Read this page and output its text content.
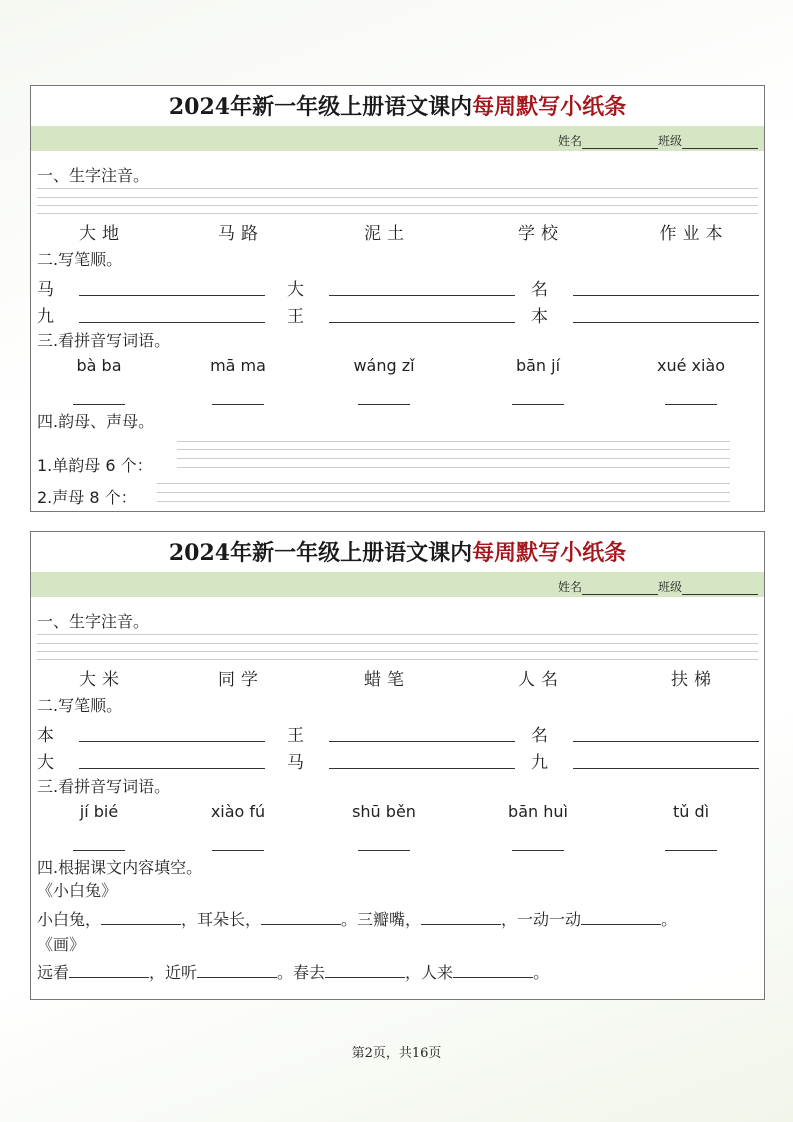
2024年新一年级上册语文课内每周默写小纸条
姓名	班级
一、生字注音。
大地	马路	泥土	学校	作业本
二.写笔顺。
马	大	名
九	王	本
三.看拼音写词语。
bà ba	mā ma	wáng zǐ	bān jí	xué xiào
四.韵母、声母。
1.单韵母 6 个：
2.声母 8 个：
2024年新一年级上册语文课内每周默写小纸条
姓名	班级
一、生字注音。
大米	同学	蜡笔	人名	扶梯
二.写笔顺。
本	王	名
大	马	九
三.看拼音写词语。
jí bié	xiào fú	shū běn	bān huì	tǔ dì
四.根据课文内容填空。
《小白兔》
小白兔，	，耳朵长，	。三瓣嘴，	，一动一动	。
《画》
远看	，近听	。春去	，人来	。
第2页，共16页
